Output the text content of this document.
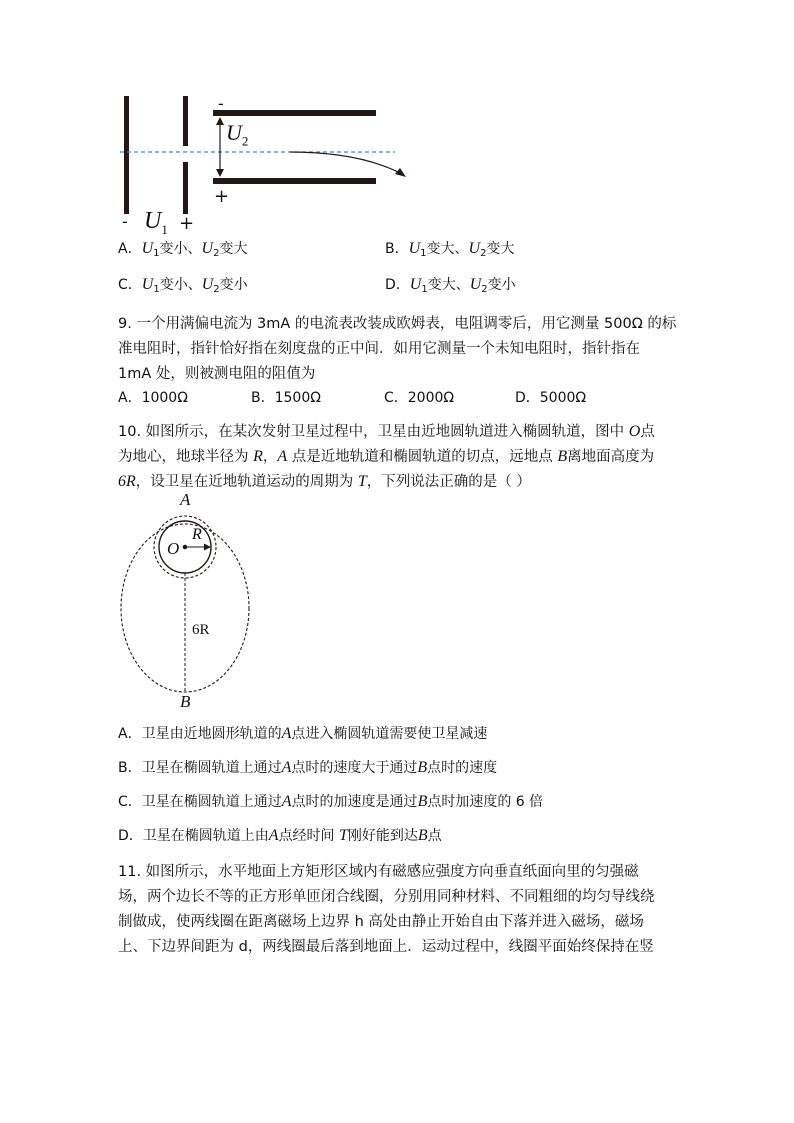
-
$U_2$
+
- $U_1$ +
A．$U_1$变小、$U_2$变大	B．$U_1$变大、$U_2$变大
C．$U_1$变小、$U_2$变小	D．$U_1$变大、$U_2$变小
9. 一个用满偏电流为 3mA 的电流表改装成欧姆表，电阻调零后，用它测量 500Ω 的标
准电阻时，指针恰好指在刻度盘的正中间．如用它测量一个未知电阻时，指针指在
1mA 处，则被测电阻的阻值为
A．1000Ω	B．1500Ω	C．2000Ω	D．5000Ω
10. 如图所示，在某次发射卫星过程中，卫星由近地圆轨道进入椭圆轨道，图中 O点
为地心，地球半径为 R，A 点是近地轨道和椭圆轨道的切点，远地点 B离地面高度为
6R，设卫星在近地轨道运动的周期为 T，下列说法正确的是（ ）
A
O
R
6R
B
A．卫星由近地圆形轨道的A点进入椭圆轨道需要使卫星减速
B．卫星在椭圆轨道上通过A点时的速度大于通过B点时的速度
C．卫星在椭圆轨道上通过A点时的加速度是通过B点时加速度的 6 倍
D．卫星在椭圆轨道上由A点经时间 T刚好能到达B点
11. 如图所示，水平地面上方矩形区域内有磁感应强度方向垂直纸面向里的匀强磁
场，两个边长不等的正方形单匝闭合线圈，分别用同种材料、不同粗细的均匀导线绕
制做成，使两线圈在距离磁场上边界 h 高处由静止开始自由下落并进入磁场，磁场
上、下边界间距为 d，两线圈最后落到地面上．运动过程中，线圈平面始终保持在竖
